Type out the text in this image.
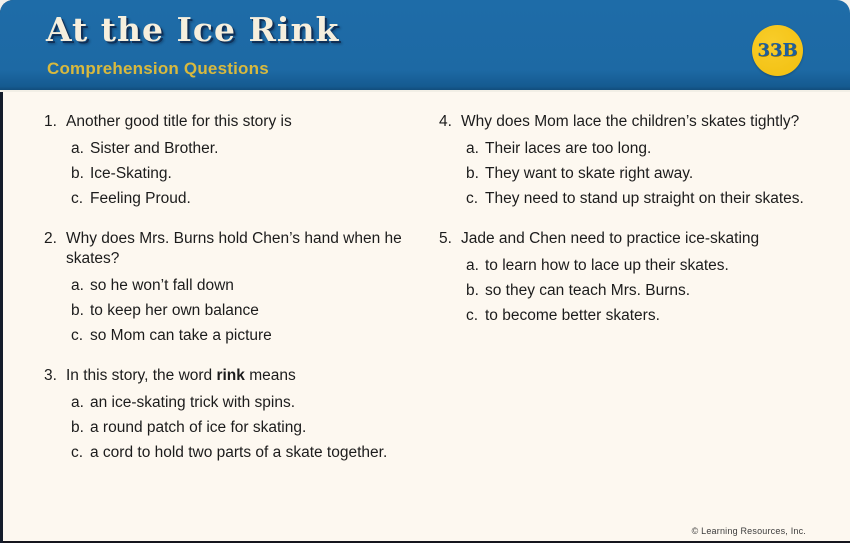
At the Ice Rink
Comprehension Questions
33B
1. Another good title for this story is
a. Sister and Brother.
b. Ice-Skating.
c. Feeling Proud.
2. Why does Mrs. Burns hold Chen’s hand when he skates?
a. so he won’t fall down
b. to keep her own balance
c. so Mom can take a picture
3. In this story, the word rink means
a. an ice-skating trick with spins.
b. a round patch of ice for skating.
c. a cord to hold two parts of a skate together.
4. Why does Mom lace the children’s skates tightly?
a. Their laces are too long.
b. They want to skate right away.
c. They need to stand up straight on their skates.
5. Jade and Chen need to practice ice-skating
a. to learn how to lace up their skates.
b. so they can teach Mrs. Burns.
c. to become better skaters.
© Learning Resources, Inc.
